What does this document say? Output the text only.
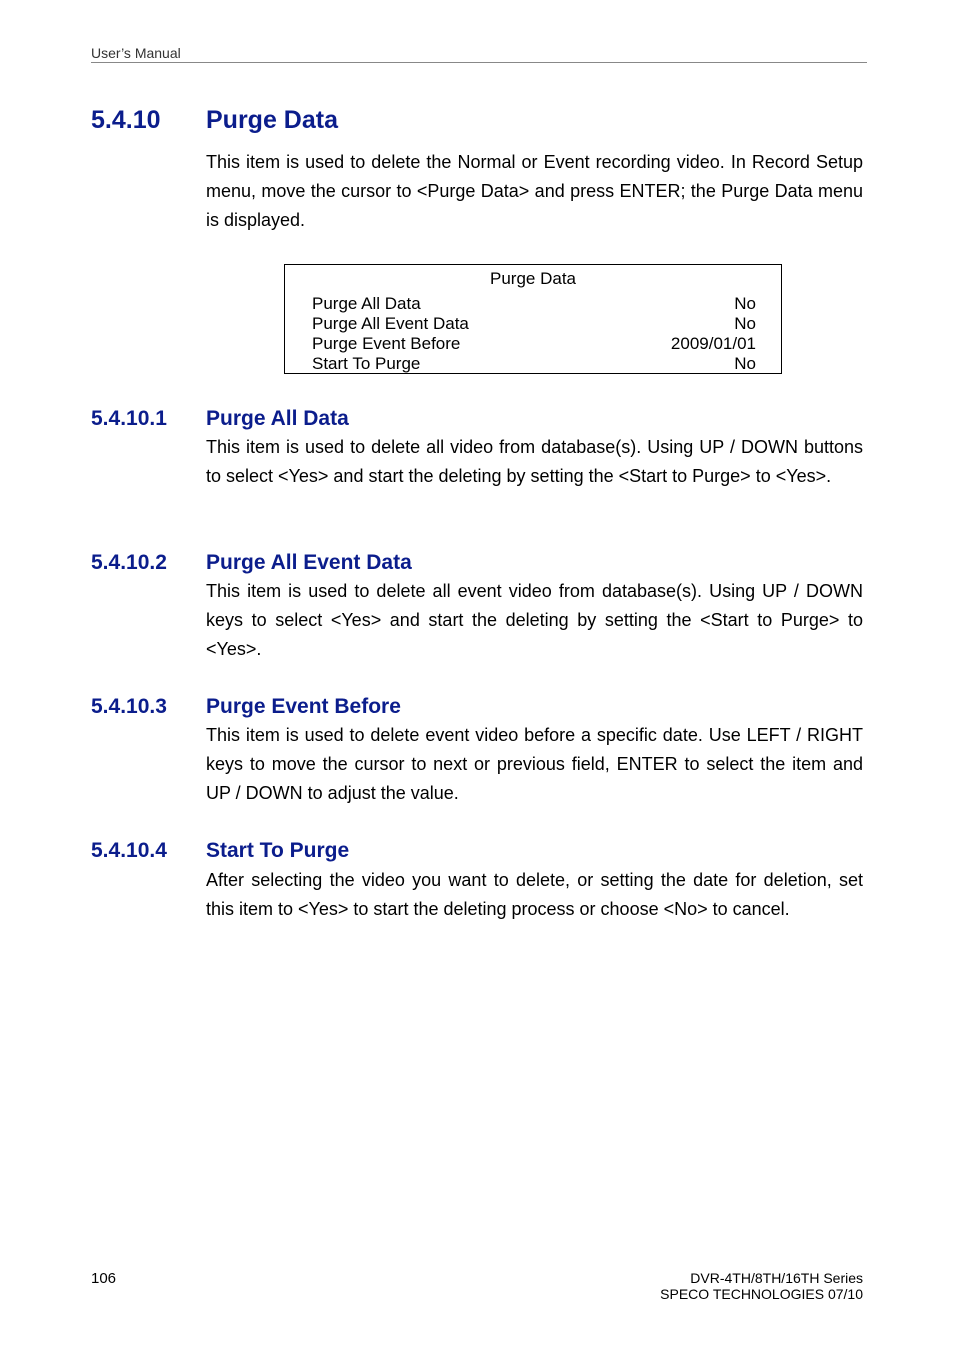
User’s Manual
5.4.10 Purge Data

This item is used to delete the Normal or Event recording video. In Record Setup menu, move the cursor to <Purge Data> and press ENTER; the Purge Data menu is displayed.

Purge Data
Purge All Data	No
Purge All Event Data	No
Purge Event Before	2009/01/01
Start To Purge	No
5.4.10.1 Purge All Data

This item is used to delete all video from database(s). Using UP / DOWN buttons to select <Yes> and start the deleting by setting the <Start to Purge> to <Yes>.

5.4.10.2 Purge All Event Data

This item is used to delete all event video from database(s). Using UP / DOWN keys to select <Yes> and start the deleting by setting the <Start to Purge> to <Yes>.

5.4.10.3 Purge Event Before

This item is used to delete event video before a specific date. Use LEFT / RIGHT keys to move the cursor to next or previous field, ENTER to select the item and UP / DOWN to adjust the value.

5.4.10.4 Start To Purge

After selecting the video you want to delete, or setting the date for deletion, set this item to <Yes> to start the deleting process or choose <No> to cancel.

106	DVR-4TH/8TH/16TH Series
SPECO TECHNOLOGIES 07/10
